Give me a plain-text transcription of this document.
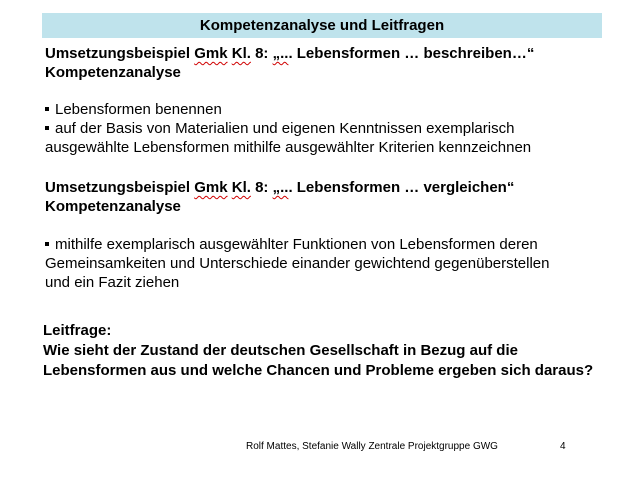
Kompetenzanalyse und Leitfragen
Umsetzungsbeispiel Gmk Kl. 8: „... Lebensformen … beschreiben…“
Kompetenzanalyse
Lebensformen benennen
auf der Basis von Materialien und eigenen Kenntnissen exemplarisch
ausgewählte Lebensformen mithilfe ausgewählter Kriterien kennzeichnen
Umsetzungsbeispiel Gmk Kl. 8: „... Lebensformen … vergleichen“
Kompetenzanalyse
mithilfe exemplarisch ausgewählter Funktionen von Lebensformen deren
Gemeinsamkeiten und Unterschiede einander gewichtend gegenüberstellen
und ein Fazit ziehen
Leitfrage:
Wie sieht der Zustand der deutschen Gesellschaft in Bezug auf die
Lebensformen aus und welche Chancen und Probleme ergeben sich daraus?
Rolf Mattes, Stefanie Wally Zentrale Projektgruppe GWG	4
